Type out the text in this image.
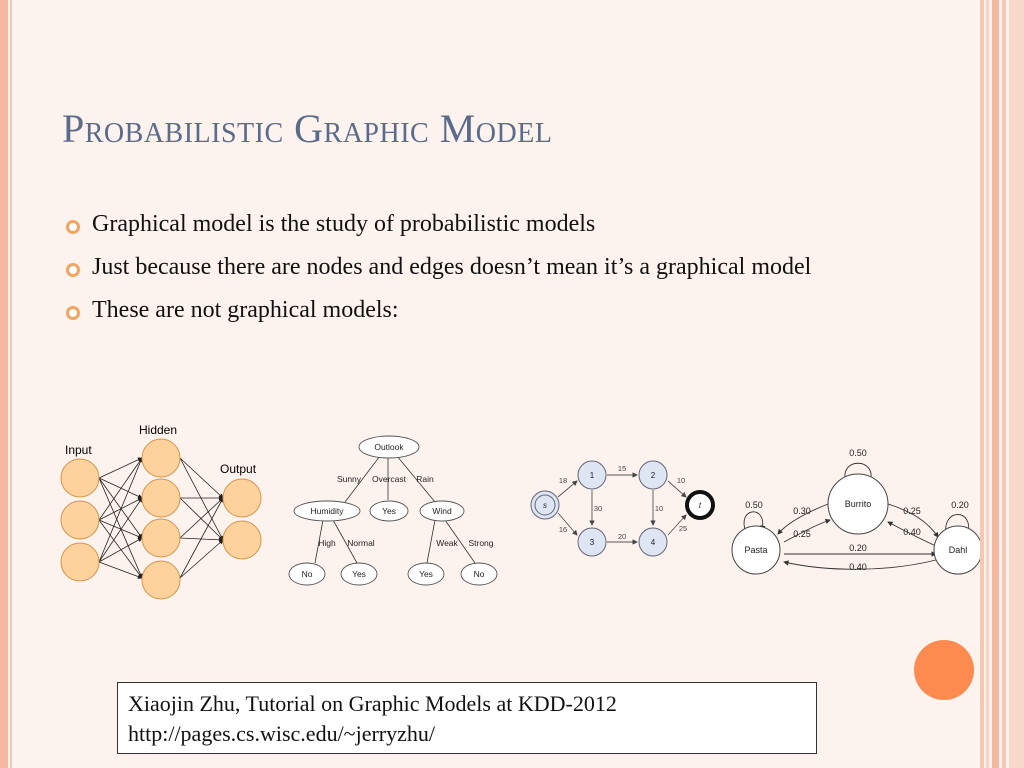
Probabilistic Graphic Model
Graphical model is the study of probabilistic models
Just because there are nodes and edges doesn’t mean it’s a graphical model
These are not graphical models:
Input
Hidden
Output
Outlook
Sunny Overcast Rain
Humidity	Yes	Wind
High Normal	Weak Strong
No	Yes	Yes	No
18
15
10
16
20
25
30	10
s
1	2
3	4
t	Burrito
Pasta	Dahl
0.50
0.50	0.20
0.30
0.25
0.25
0.40
0.20
0.40
Xiaojin Zhu, Tutorial on Graphic Models at KDD-2012
http://pages.cs.wisc.edu/~jerryzhu/
